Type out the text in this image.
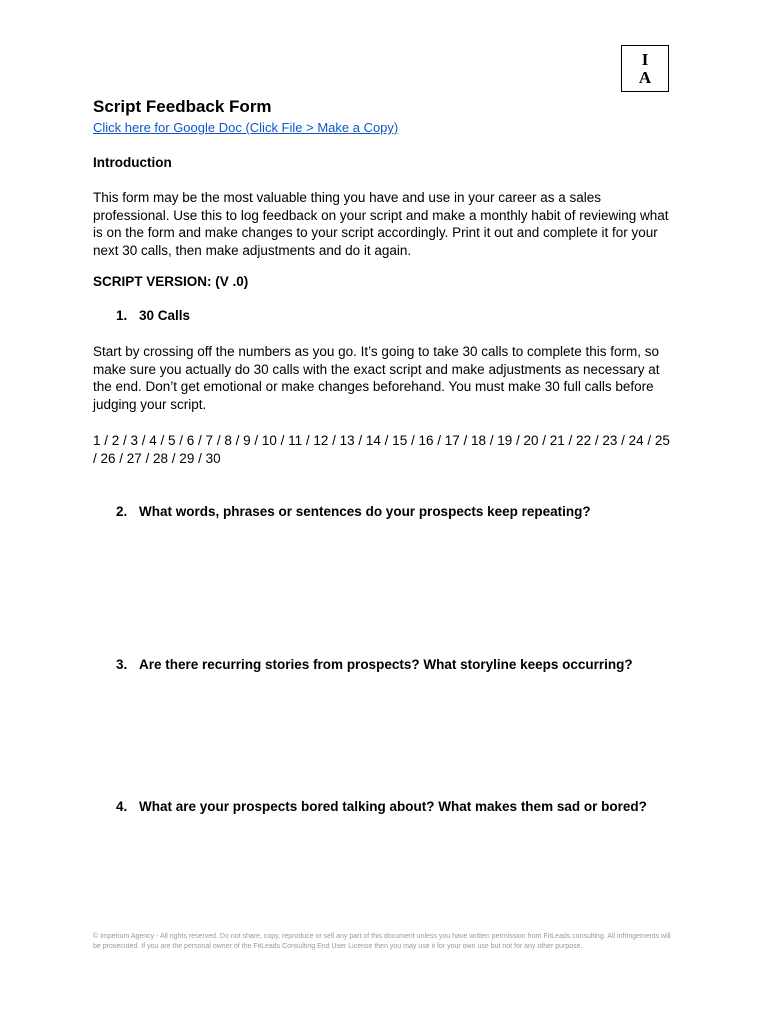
I
A
Script Feedback Form
Click here for Google Doc (Click File > Make a Copy)
Introduction
This form may be the most valuable thing you have and use in your career as a sales professional. Use this to log feedback on your script and make a monthly habit of reviewing what is on the form and make changes to your script accordingly. Print it out and complete it for your next 30 calls, then make adjustments and do it again.
SCRIPT VERSION: (V .0)
1. 30 Calls
Start by crossing off the numbers as you go. It’s going to take 30 calls to complete this form, so make sure you actually do 30 calls with the exact script and make adjustments as necessary at the end. Don’t get emotional or make changes beforehand. You must make 30 full calls before judging your script.
1 / 2 / 3 / 4 / 5 / 6 / 7 / 8 / 9 / 10 / 11 / 12 / 13 / 14 / 15 / 16 / 17 / 18 / 19 / 20 / 21 / 22 / 23 / 24 / 25 / 26 / 27 / 28 / 29 / 30
2. What words, phrases or sentences do your prospects keep repeating?
3. Are there recurring stories from prospects? What storyline keeps occurring?
4. What are your prospects bored talking about? What makes them sad or bored?
© Imperium Agency - All rights reserved. Do not share, copy, reproduce or sell any part of this document unless you have written permission from FitLeads consulting. All infringements will be prosecuted. If you are the personal owner of the FitLeads Consulting End User License then you may use it for your own use but not for any other purpose.
